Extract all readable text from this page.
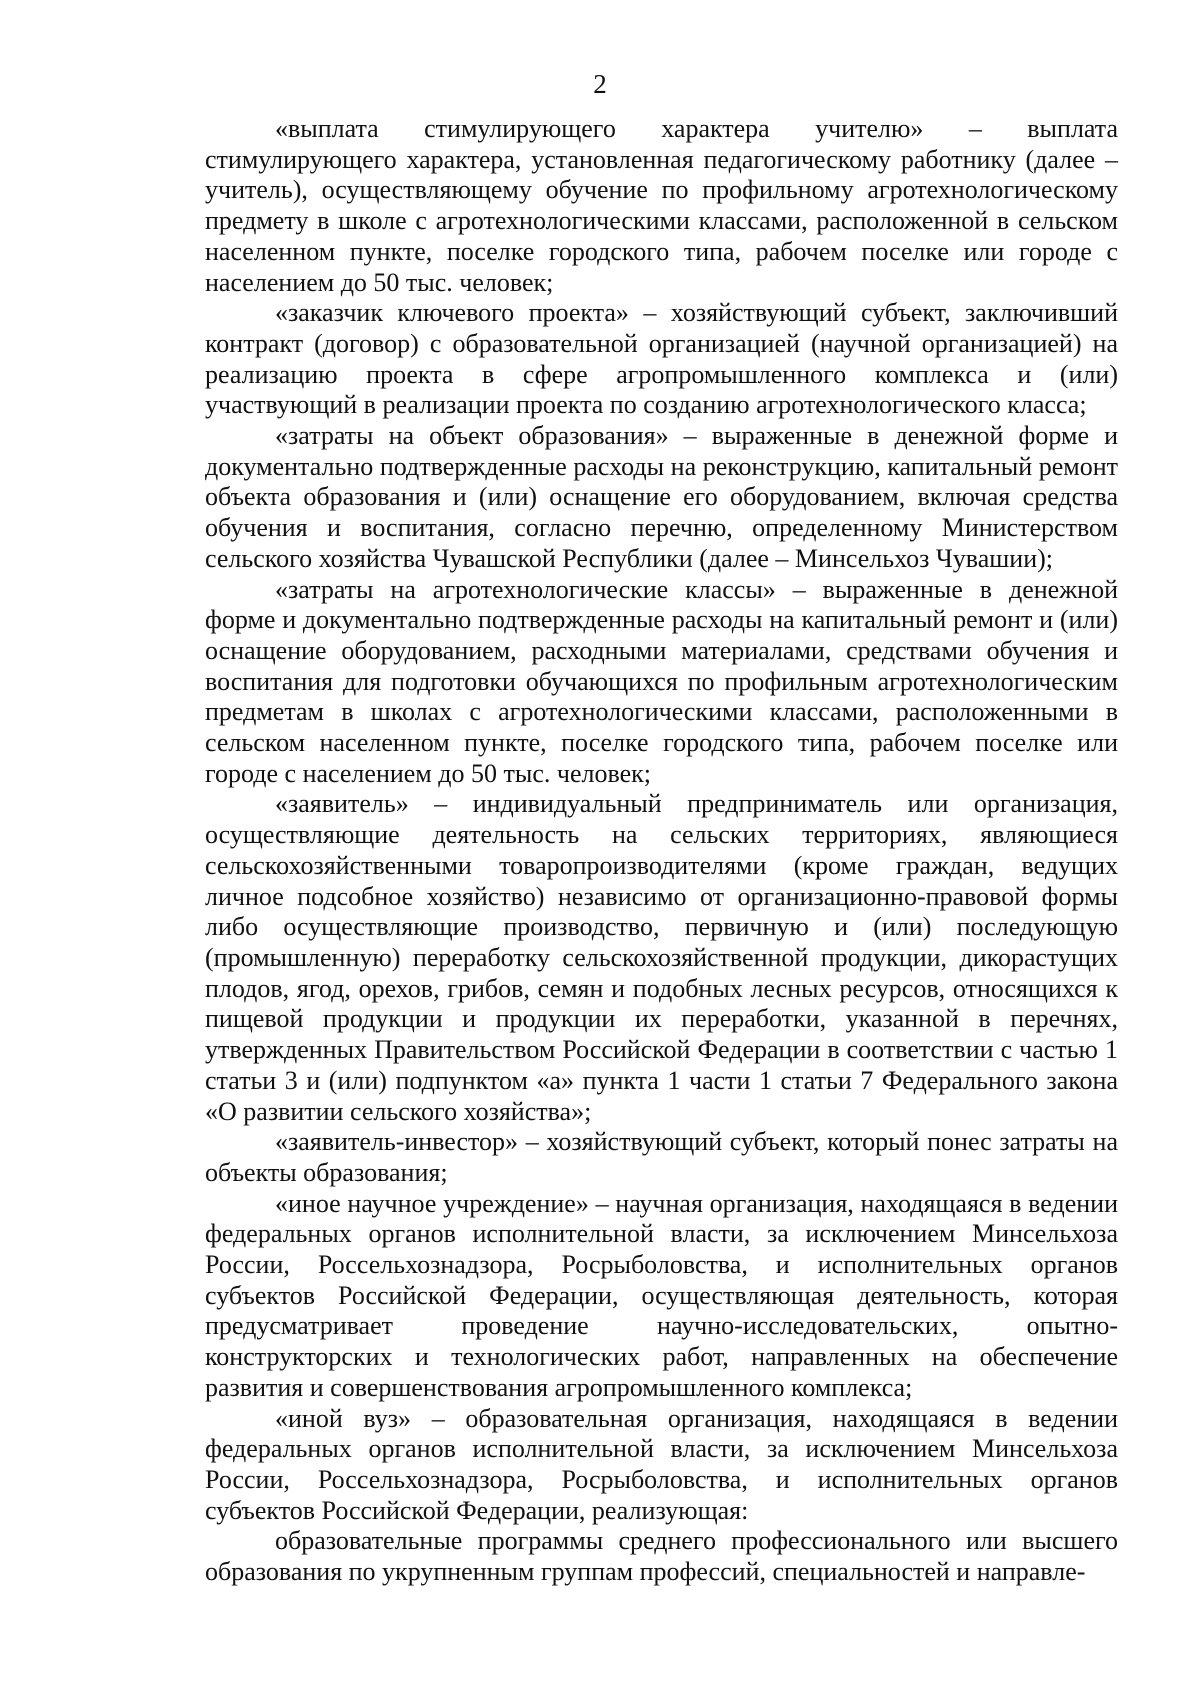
2

«выплата стимулирующего характера учителю» – выплата стимулирующего характера, установленная педагогическому работнику (далее – учитель), осуществляющему обучение по профильному агротехнологическому предмету в школе с агротехнологическими классами, расположенной в сельском населенном пункте, поселке городского типа, рабочем поселке или городе с населением до 50 тыс. человек;

«заказчик ключевого проекта» – хозяйствующий субъект, заключивший контракт (договор) с образовательной организацией (научной организацией) на реализацию проекта в сфере агропромышленного комплекса и (или) участвующий в реализации проекта по созданию агротехнологического класса;

«затраты на объект образования» – выраженные в денежной форме и документально подтвержденные расходы на реконструкцию, капитальный ремонт объекта образования и (или) оснащение его оборудованием, включая средства обучения и воспитания, согласно перечню, определенному Министерством сельского хозяйства Чувашской Республики (далее – Минсельхоз Чувашии);

«затраты на агротехнологические классы» – выраженные в денежной форме и документально подтвержденные расходы на капитальный ремонт и (или) оснащение оборудованием, расходными материалами, средствами обучения и воспитания для подготовки обучающихся по профильным агротехнологическим предметам в школах с агротехнологическими классами, расположенными в сельском населенном пункте, поселке городского типа, рабочем поселке или городе с населением до 50 тыс. человек;

«заявитель» – индивидуальный предприниматель или организация, осуществляющие деятельность на сельских территориях, являющиеся сельскохозяйственными товаропроизводителями (кроме граждан, ведущих личное подсобное хозяйство) независимо от организационно-правовой формы либо осуществляющие производство, первичную и (или) последующую (промышленную) переработку сельскохозяйственной продукции, дикорастущих плодов, ягод, орехов, грибов, семян и подобных лесных ресурсов, относящихся к пищевой продукции и продукции их переработки, указанной в перечнях, утвержденных Правительством Российской Федерации в соответствии с частью 1 статьи 3 и (или) подпунктом «а» пункта 1 части 1 статьи 7 Федерального закона «О развитии сельского хозяйства»;

«заявитель-инвестор» – хозяйствующий субъект, который понес затраты на объекты образования;

«иное научное учреждение» – научная организация, находящаяся в ведении федеральных органов исполнительной власти, за исключением Минсельхоза России, Россельхознадзора, Росрыболовства, и исполнительных органов субъектов Российской Федерации, осуществляющая деятельность, которая предусматривает проведение научно-исследовательских, опытно-конструкторских и технологических работ, направленных на обеспечение развития и совершенствования агропромышленного комплекса;

«иной вуз» – образовательная организация, находящаяся в ведении федеральных органов исполнительной власти, за исключением Минсельхоза России, Россельхознадзора, Росрыболовства, и исполнительных органов субъектов Российской Федерации, реализующая:

образовательные программы среднего профессионального или высшего образования по укрупненным группам профессий, специальностей и направле-
